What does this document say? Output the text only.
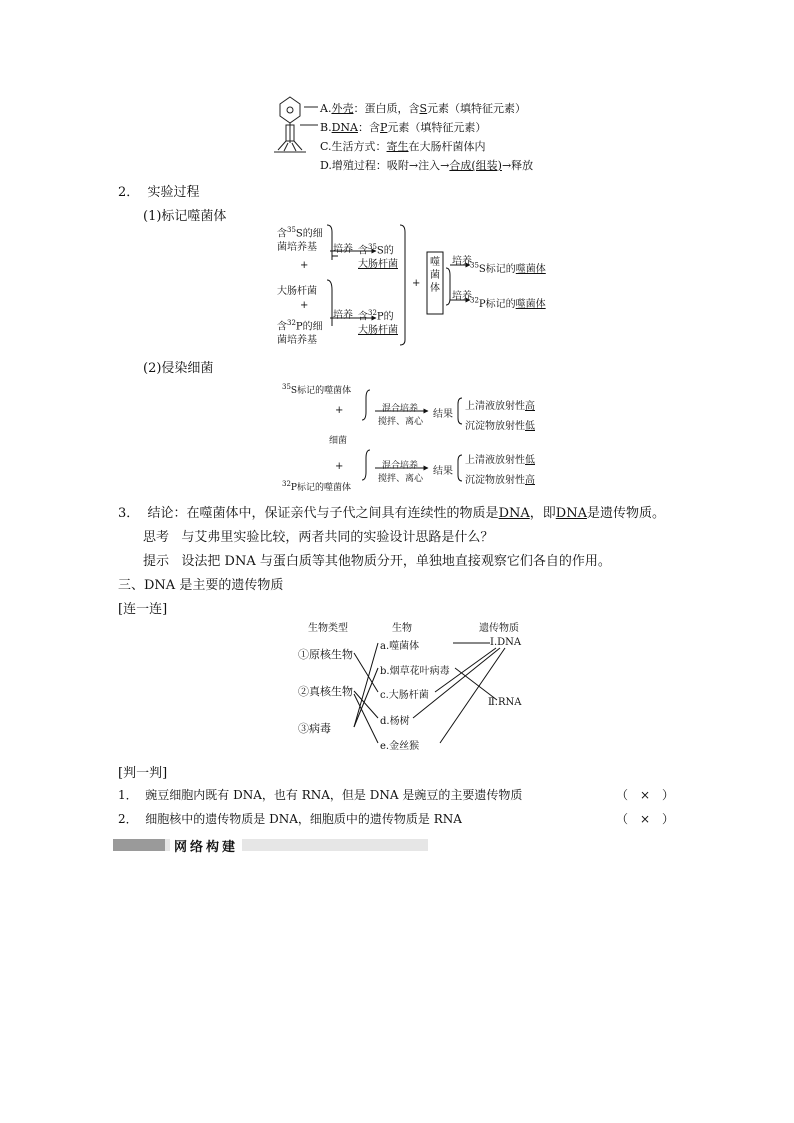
A.外壳：蛋白质，含S元素（填特征元素）
B.DNA：含P元素（填特征元素）
C.生活方式：寄生在大肠杆菌体内
D.增殖过程：吸附→注入→合成(组装)→释放
2． 实验过程
(1)标记噬菌体
含$^{35}$S的细
菌培养基
+
大肠杆菌
+
含$^{32}$P的细
菌培养基
培养 含$^{35}$S的
大肠杆菌
培养 含$^{32}$P的
大肠杆菌
+
噬菌体
培养
$^{35}$S标记的噬菌体
培养
$^{32}$P标记的噬菌体
(2)侵染细菌
$^{35}$S标记的噬菌体
+
细菌
+
$^{32}$P标记的噬菌体
混合培养
搅拌、离心
混合培养
搅拌、离心
结果
结果
上清液放射性高
沉淀物放射性低
上清液放射性低
沉淀物放射性高
3． 结论：在噬菌体中，保证亲代与子代之间具有连续性的物质是DNA，即DNA是遗传物质。
思考 与艾弗里实验比较，两者共同的实验设计思路是什么？
提示 设法把 DNA 与蛋白质等其他物质分开，单独地直接观察它们各自的作用。
三、DNA 是主要的遗传物质
[连一连]
生物类型	生物	遗传物质
①原核生物
②真核生物
③病毒
a.噬菌体
b.烟草花叶病毒
c.大肠杆菌
d.杨树
e.金丝猴
Ⅰ.DNA
Ⅱ.RNA
[判一判]
1． 豌豆细胞内既有 DNA，也有 RNA，但是 DNA 是豌豆的主要遗传物质	（　×　）
2． 细胞核中的遗传物质是 DNA，细胞质中的遗传物质是 RNA	（　×　）
网络构建
